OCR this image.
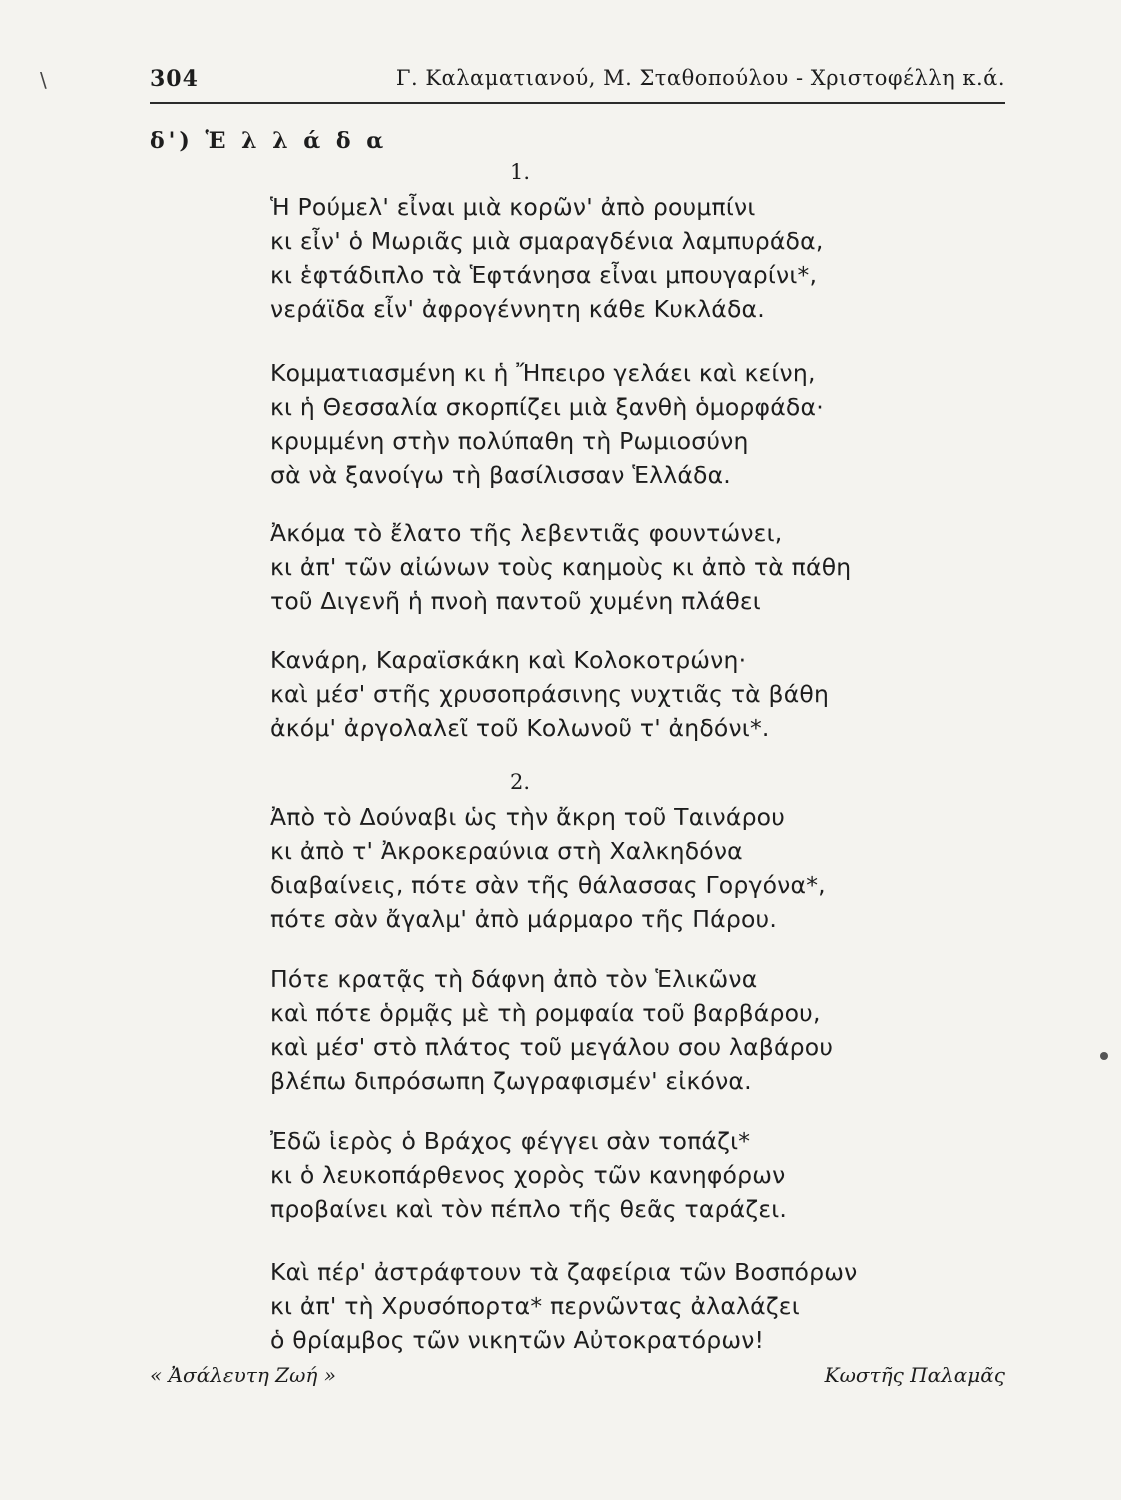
\	304	Γ. Καλαματιανού, Μ. Σταθοπούλου - Χριστοφέλλη κ.ά.
δ') Ἑ λ λ ά δ α
1.
Ἡ Ρούμελ' εἶναι μιὰ κορῶν' ἀπὸ ρουμπίνι
κι εἶν' ὁ Μωριᾶς μιὰ σμαραγδένια λαμπυράδα,
κι ἑφτάδιπλο τὰ Ἑφτάνησα εἶναι μπουγαρίνι*,
νεράϊδα εἶν' ἀφρογέννητη κάθε Κυκλάδα.
Κομματιασμένη κι ἡ Ἤπειρο γελάει καὶ κείνη,
κι ἡ Θεσσαλία σκορπίζει μιὰ ξανθὴ ὁμορφάδα·
κρυμμένη στὴν πολύπαθη τὴ Ρωμιοσύνη
σὰ νὰ ξανοίγω τὴ βασίλισσαν Ἑλλάδα.
Ἀκόμα τὸ ἔλατο τῆς λεβεντιᾶς φουντώνει,
κι ἀπ' τῶν αἰώνων τοὺς καημοὺς κι ἀπὸ τὰ πάθη
τοῦ Διγενῆ ἡ πνοὴ παντοῦ χυμένη πλάθει
Κανάρη, Καραϊσκάκη καὶ Κολοκοτρώνη·
καὶ μέσ' στῆς χρυσοπράσινης νυχτιᾶς τὰ βάθη
ἀκόμ' ἀργολαλεῖ τοῦ Κολωνοῦ τ' ἀηδόνι*.
2.
Ἀπὸ τὸ Δούναβι ὡς τὴν ἄκρη τοῦ Ταινάρου
κι ἀπὸ τ' Ἀκροκεραύνια στὴ Χαλκηδόνα
διαβαίνεις, πότε σὰν τῆς θάλασσας Γοργόνα*,
πότε σὰν ἄγαλμ' ἀπὸ μάρμαρο τῆς Πάρου.
Πότε κρατᾷς τὴ δάφνη ἀπὸ τὸν Ἑλικῶνα
καὶ πότε ὁρμᾷς μὲ τὴ ρομφαία τοῦ βαρβάρου,
καὶ μέσ' στὸ πλάτος τοῦ μεγάλου σου λαβάρου
βλέπω διπρόσωπη ζωγραφισμέν' εἰκόνα.
Ἐδῶ ἱερὸς ὁ Βράχος φέγγει σὰν τοπάζι*
κι ὁ λευκοπάρθενος χορὸς τῶν κανηφόρων
προβαίνει καὶ τὸν πέπλο τῆς θεᾶς ταράζει.
Καὶ πέρ' ἀστράφτουν τὰ ζαφείρια τῶν Βοσπόρων
κι ἀπ' τὴ Χρυσόπορτα* περνῶντας ἀλαλάζει
ὁ θρίαμβος τῶν νικητῶν Αὐτοκρατόρων!
« Ἀσάλευτη Ζωή »	Κωστῆς Παλαμᾶς
